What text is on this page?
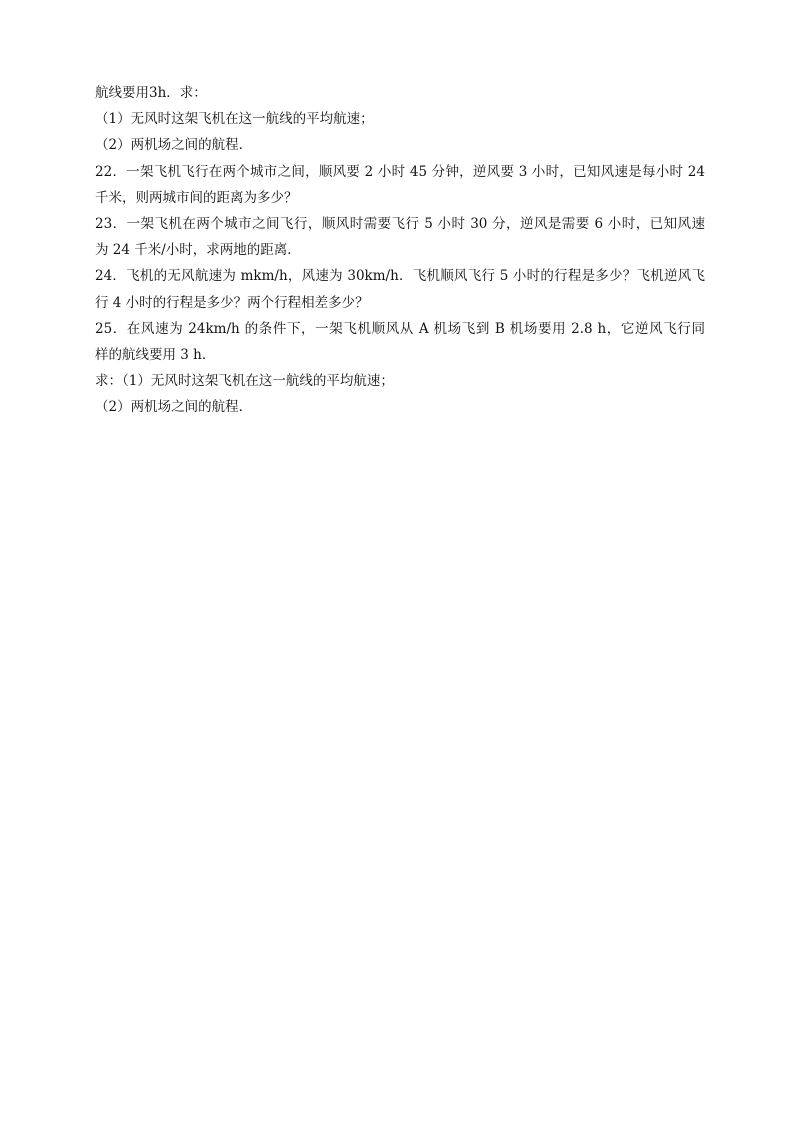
航线要用3h．求：
（1）无风时这架飞机在这一航线的平均航速；
（2）两机场之间的航程．
22．一架飞机飞行在两个城市之间，顺风要 2 小时 45 分钟，逆风要 3 小时，已知风速是每小时 24
千米，则两城市间的距离为多少？
23．一架飞机在两个城市之间飞行，顺风时需要飞行 5 小时 30 分，逆风是需要 6 小时，已知风速
为 24 千米/小时，求两地的距离．
24．飞机的无风航速为 mkm/h，风速为 30km/h．飞机顺风飞行 5 小时的行程是多少？飞机逆风飞
行 4 小时的行程是多少？两个行程相差多少？
25．在风速为 24km/h 的条件下，一架飞机顺风从 A 机场飞到 B 机场要用 2.8 h，它逆风飞行同
样的航线要用 3 h．
求：（1）无风时这架飞机在这一航线的平均航速；
（2）两机场之间的航程．
